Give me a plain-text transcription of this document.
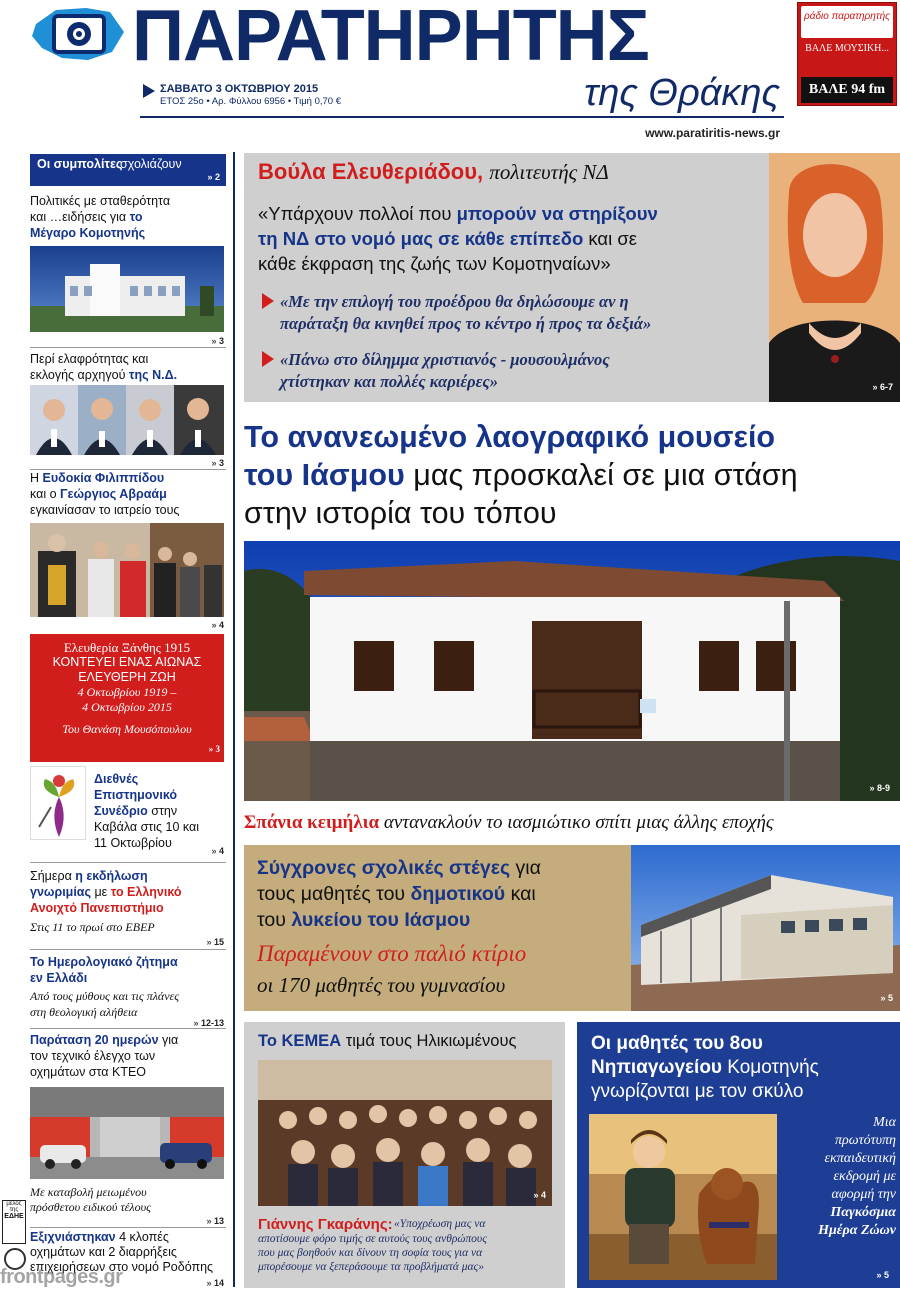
ΠΑΡΑΤΗΡΗΤΗΣ
της Θράκης
ΣΑΒΒΑΤΟ 3 ΟΚΤΩΒΡΙΟΥ 2015
ΕΤΟΣ 25ο • Αρ. Φύλλου 6956 • Τιμή 0,70 €
www.paratiritis-news.gr
ράδιο παρατηρητής
ΒΑΛΕ ΜΟΥΣΙΚΗ...
ΒΑΛΕ 94 fm
Οι συμπολίτες
σχολιάζουν
» 2
Πολιτικές με σταθερότητα
και …ειδήσεις για το
Μέγαρο Κομοτηνής
» 3
Περί ελαφρότητας και
εκλογής αρχηγού της Ν.Δ.
» 3
Η Ευδοκία Φιλιππίδου
και ο Γεώργιος Αβραάμ
εγκαινίασαν το ιατρείο τους
» 4
Ελευθερία Ξάνθης 1915
ΚΟΝΤΕΥΕΙ ΕΝΑΣ ΑΙΩΝΑΣ
ΕΛΕΥΘΕΡΗ ΖΩΗ
4 Οκτωβρίου 1919 –
4 Οκτωβρίου 2015
Του Θανάση Μουσόπουλου
» 3
Διεθνές
Επιστημονικό
Συνέδριο στην
Καβάλα στις 10 και
11 Οκτωβρίου
» 4
Σήμερα η εκδήλωση
γνωριμίας με το Ελληνικό
Ανοιχτό Πανεπιστήμιο
Στις 11 το πρωί στο ΕΒΕΡ
» 15
Το Ημερολογιακό ζήτημα
εν Ελλάδι
Από τους μύθους και τις πλάνες
στη θεολογική αλήθεια
» 12-13
Παράταση 20 ημερών για
τον τεχνικό έλεγχο των
οχημάτων στα ΚΤΕΟ
Με καταβολή μειωμένου
πρόσθετου ειδικού τέλους
» 13
Εξιχνιάστηκαν 4 κλοπές
οχημάτων και 2 διαρρήξεις
επιχειρήσεων στο νομό Ροδόπης
» 14
μέλος της
ΕΔΗΕ
frontpages.gr
Βούλα Ελευθεριάδου, πολιτευτής ΝΔ
«Υπάρχουν πολλοί που μπορούν να στηρίξουν
τη ΝΔ στο νομό μας σε κάθε επίπεδο και σε
κάθε έκφραση της ζωής των Κομοτηναίων»
«Με την επιλογή του προέδρου θα δηλώσουμε αν η
παράταξη θα κινηθεί προς το κέντρο ή προς τα δεξιά»
«Πάνω στο δίλημμα χριστιανός - μουσουλμάνος
χτίστηκαν και πολλές καριέρες»
»	6-7
Το ανανεωμένο λαογραφικό μουσείο
του Ιάσμου μας προσκαλεί σε μια στάση
στην ιστορία του τόπου
» 8-9
Σπάνια κειμήλια αντανακλούν το ιασμιώτικο σπίτι μιας άλλης εποχής
Σύγχρονες σχολικές στέγες για
τους μαθητές του δημοτικού και
του λυκείου του Ιάσμου
Παραμένουν στο παλιό κτίριο
οι 170 μαθητές του γυμνασίου
» 5
Το ΚΕΜΕΑ τιμά τους Ηλικιωμένους
» 4
Γιάννης Γκαράνης: «Υποχρέωση μας να
αποτίσουμε φόρο τιμής σε αυτούς τους ανθρώπους
που μας βοηθούν και δίνουν τη σοφία τους για να
μπορέσουμε να ξεπεράσουμε τα προβλήματά μας»
Οι μαθητές του 8ου
Νηπιαγωγείου Κομοτηνής
γνωρίζονται με τον σκύλο
Μια
πρωτότυπη
εκπαιδευτική
εκδρομή με
αφορμή την
Παγκόσμια
Ημέρα Ζώων
» 5
